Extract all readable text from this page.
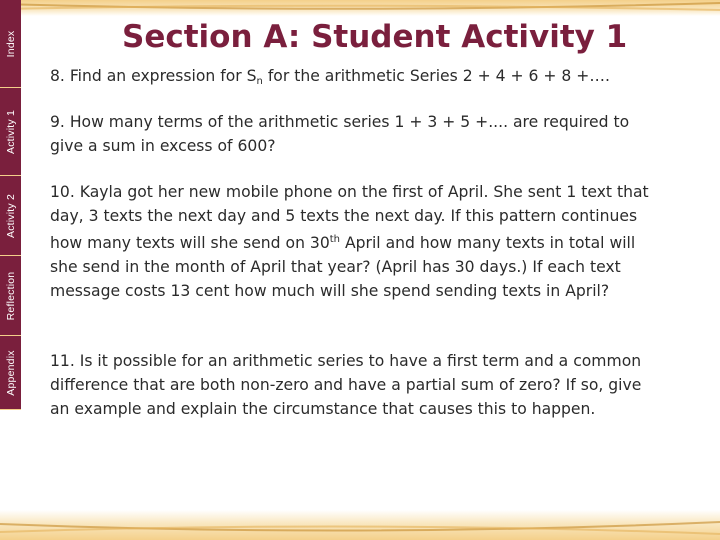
Index
Activity 1
Activity 2
Reflection
Appendix
Section A: Student Activity 1

8. Find an expression for $S_n$ for the arithmetic Series 2 + 4 + 6 + 8 +….

9. How many terms of the arithmetic series 1 + 3 + 5 +.... are required to give a sum in excess of 600?

10. Kayla got her new mobile phone on the first of April. She sent 1 text that day, 3 texts the next day and 5 texts the next day. If this pattern continues how many texts will she send on 30th April and how many texts in total will she send in the month of April that year? (April has 30 days.) If each text message costs 13 cent how much will she spend sending texts in April?

11. Is it possible for an arithmetic series to have a first term and a common difference that are both non-zero and have a partial sum of zero? If so, give an example and explain the circumstance that causes this to happen.
